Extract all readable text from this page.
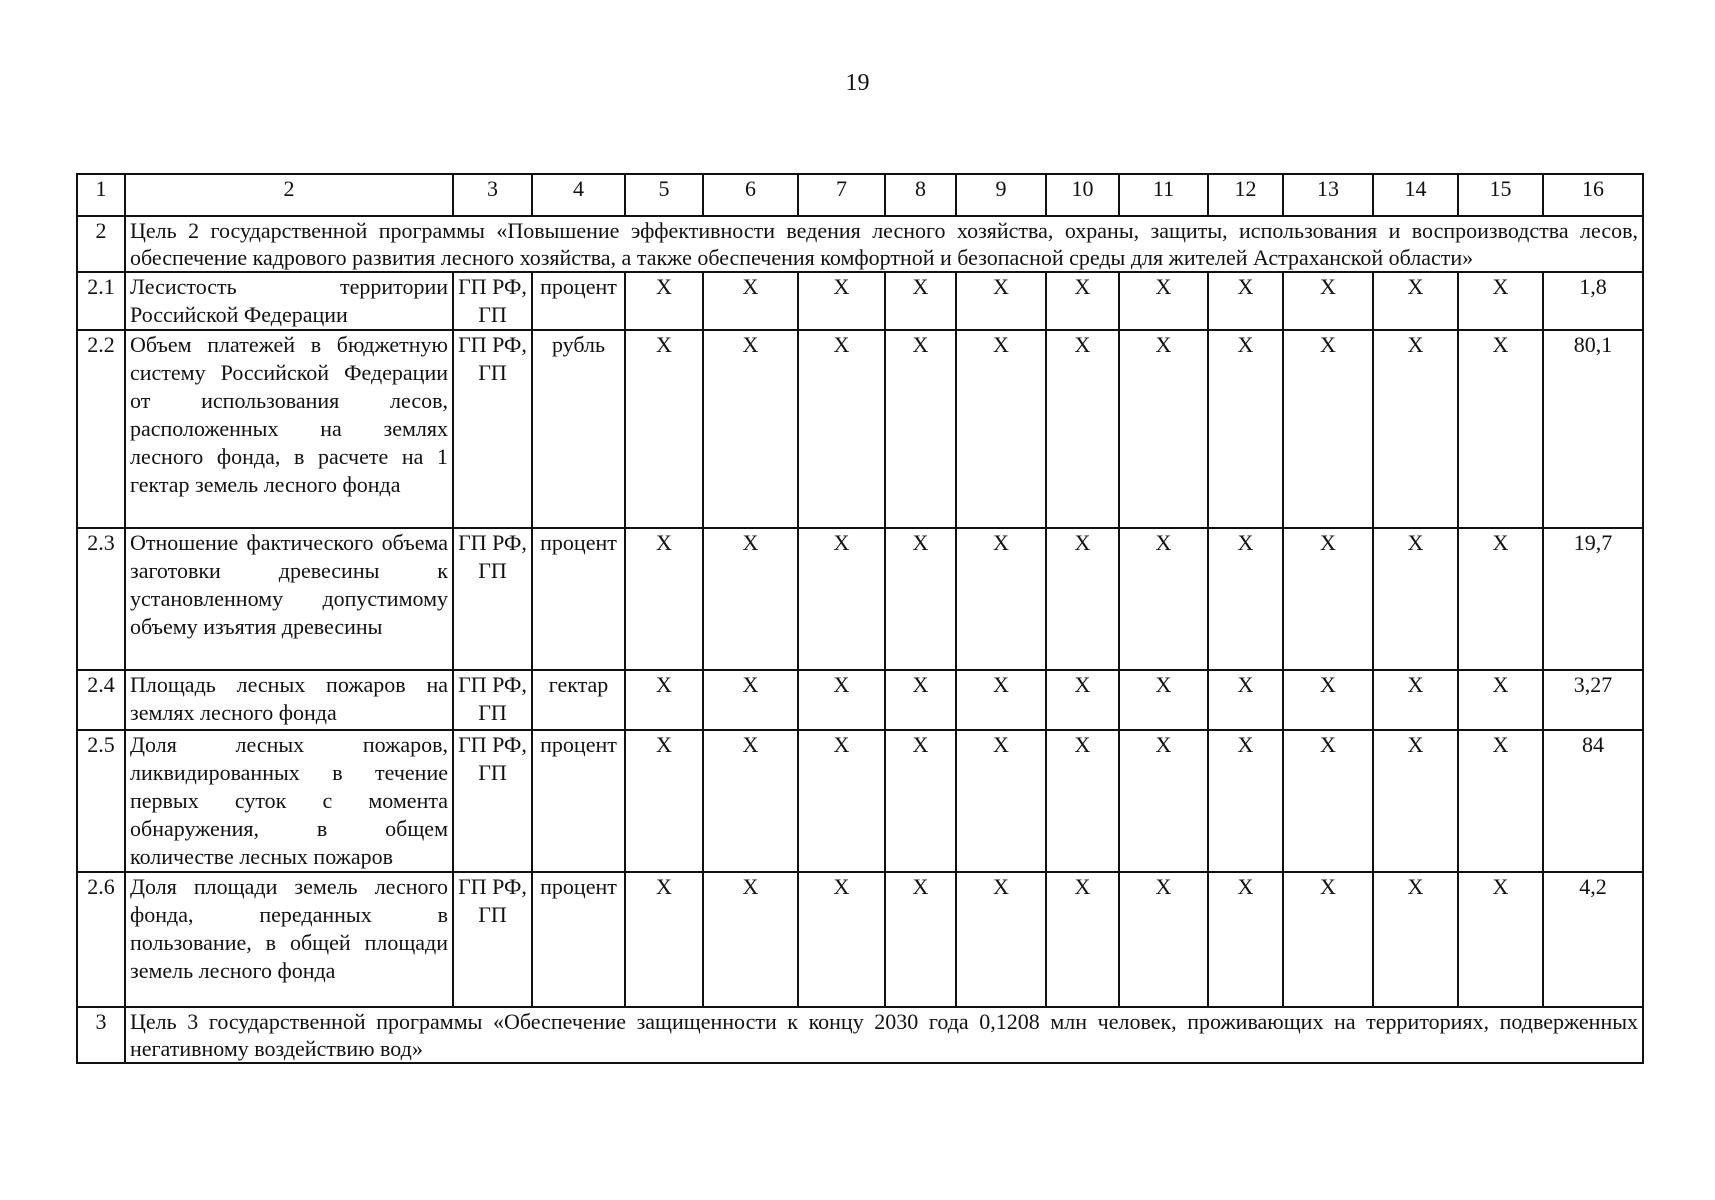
19
1	2	3	4	5	6	7	8	9	10	11	12	13	14	15	16
2	Цель 2 государственной программы «Повышение эффективности ведения лесного хозяйства, охраны, защиты, использования и воспроизводства лесов, обеспечение кадрового развития лесного хозяйства, а также обеспечения комфортной и безопасной среды для жителей Астраханской области»														
2.1	Лесистость территории Российской Федерации	ГП РФ, ГП	процент	X	X	X	X	X	X	X	X	X	X	X	1,8
2.2	Объем платежей в бюджетную систему Российской Федерации от использования лесов, расположенных на землях лесного фонда, в расчете на 1 гектар земель лесного фонда	ГП РФ, ГП	рубль	X	X	X	X	X	X	X	X	X	X	X	80,1
2.3	Отношение фактического объема заготовки древесины к установленному допустимому объему изъятия древесины	ГП РФ, ГП	процент	X	X	X	X	X	X	X	X	X	X	X	19,7
2.4	Площадь лесных пожаров на землях лесного фонда	ГП РФ, ГП	гектар	X	X	X	X	X	X	X	X	X	X	X	3,27
2.5	Доля лесных пожаров, ликвидированных в течение первых суток с момента обнаружения, в общем количестве лесных пожаров	ГП РФ, ГП	процент	X	X	X	X	X	X	X	X	X	X	X	84
2.6	Доля площади земель лесного фонда, переданных в пользование, в общей площади земель лесного фонда	ГП РФ, ГП	процент	X	X	X	X	X	X	X	X	X	X	X	4,2
3	Цель 3 государственной программы «Обеспечение защищенности к концу 2030 года 0,1208 млн человек, проживающих на территориях, подверженных негативному воздействию вод»														
